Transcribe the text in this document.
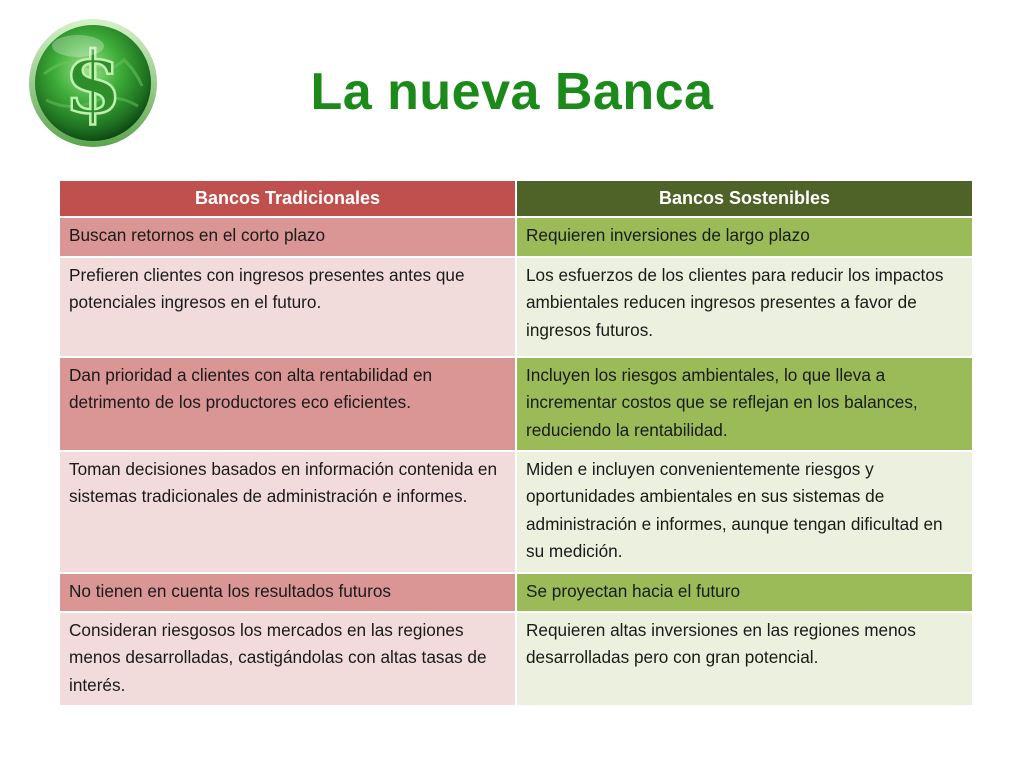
$	La nueva Banca
Bancos Tradicionales	Bancos Sostenibles
Buscan retornos en el corto plazo	Requieren inversiones de largo plazo
Prefieren clientes con ingresos presentes antes que potenciales ingresos en el futuro.	Los esfuerzos de los clientes para reducir los impactos ambientales reducen ingresos presentes a favor de ingresos futuros.
Dan prioridad a clientes con alta rentabilidad en detrimento de los productores eco eficientes.	Incluyen los riesgos ambientales, lo que lleva a incrementar costos que se reflejan en los balances, reduciendo la rentabilidad.
Toman decisiones basados en información contenida en sistemas tradicionales de administración e informes.	Miden e incluyen convenientemente riesgos y oportunidades ambientales en sus sistemas de administración e informes, aunque tengan dificultad en su medición.
No tienen en cuenta los resultados futuros	Se proyectan hacia el futuro
Consideran riesgosos los mercados en las regiones menos desarrolladas, castigándolas con altas tasas de interés.	Requieren altas inversiones en las regiones menos desarrolladas pero con gran potencial.
